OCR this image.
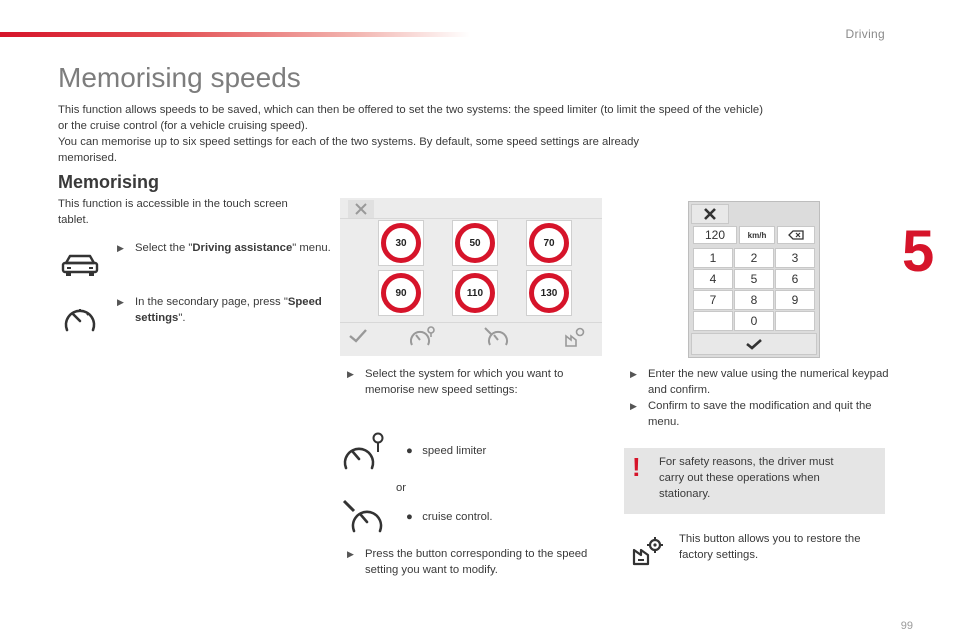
Driving
5
99
Memorising speeds

This function allows speeds to be saved, which can then be offered to set the two systems: the speed limiter (to limit the speed of the vehicle)

or the cruise control (for a vehicle cruising speed).

You can memorise up to six speed settings for each of the two systems. By default, some speed settings are already

memorised.

Memorising
This function is accessible in the touch screen tablet.
▶ Select the "Driving assistance" menu.
▶ In the secondary page, press "Speed settings".
30	50	70
90	110	130
120	km/h
1	2	3
4	5	6
7	8	9
0
▶ Select the system for which you want to memorise new speed settings:
●   speed limiter
or
●   cruise control.
▶ Press the button corresponding to the speed setting you want to modify.
▶ Enter the new value using the numerical keypad and confirm.
▶ Confirm to save the modification and quit the menu.
! For safety reasons, the driver must carry out these operations when stationary.
This button allows you to restore the factory settings.
